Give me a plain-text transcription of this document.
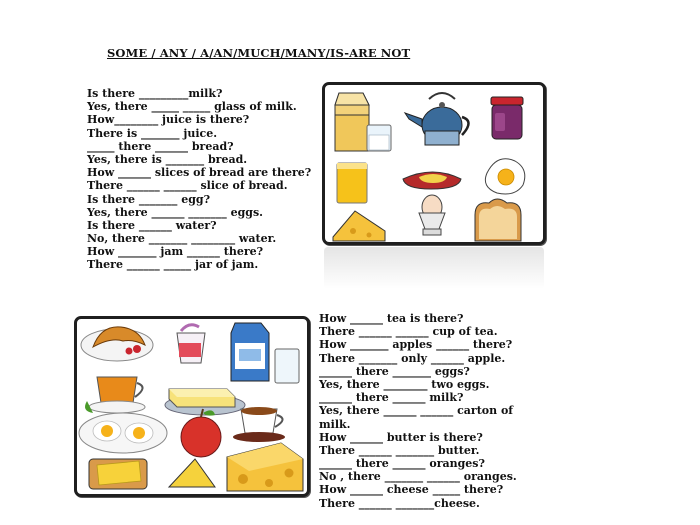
SOME / ANY / A/AN/MUCH/MANY/IS-ARE NOT
Is there _________milk?
Yes, there _____ _____ glass of milk.
How________ juice is there?
There is _______ juice.
_____ there ______ bread?
Yes, there is _______ bread.
How ______ slices of bread are there?
There ______ ______ slice of bread.
Is there _______ egg?
Yes, there ______ _______ eggs.
Is there ______ water?
No, there _______ ________ water.
How _______ jam ______ there?
There ______ _____ jar of jam.
How ______ tea is there?
There ______ ______ cup of tea.
How _______ apples ______ there?
There _______ only ______ apple.
______ there _______ eggs?
Yes, there ________ two eggs.
______ there ______ milk?
Yes, there ______ ______ carton of
milk.
How ______ butter is there?
There ______ _______ butter.
______ there ______ oranges?
No , there _______ ______ oranges.
How ______ cheese _____ there?
There ______ _______cheese.
